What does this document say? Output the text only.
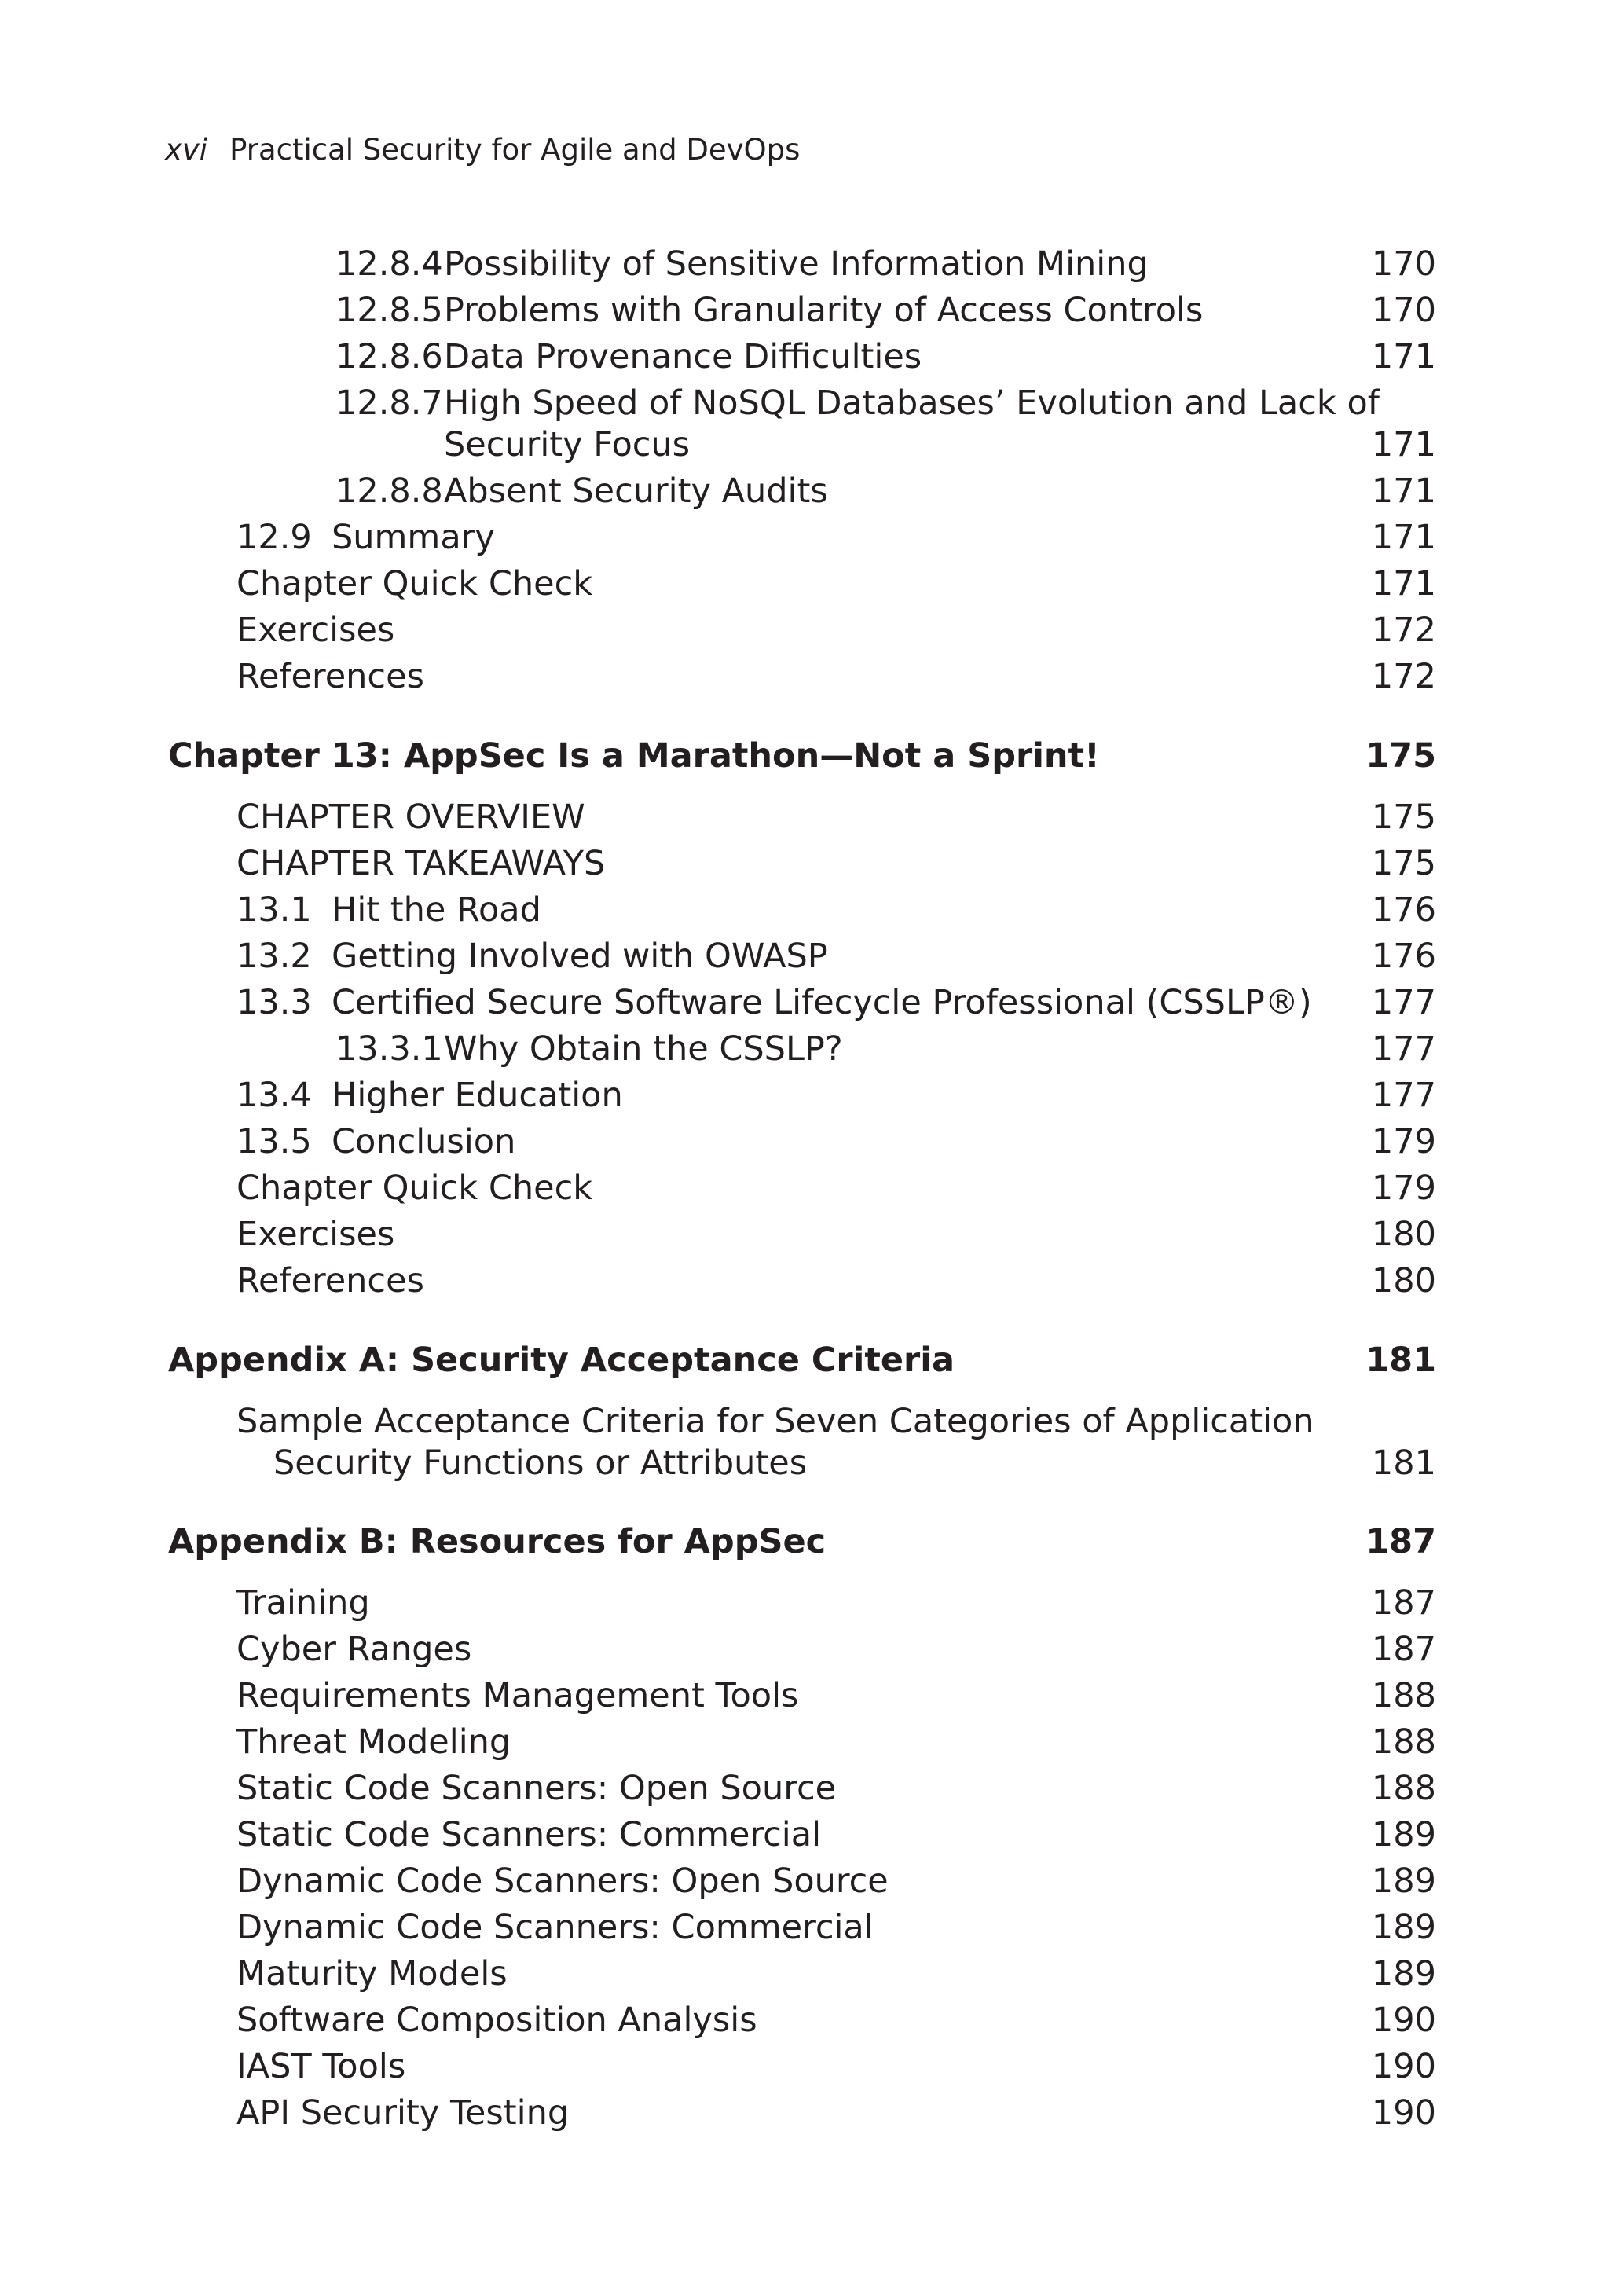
xvi Practical Security for Agile and DevOps
12.8.4Possibility of Sensitive Information Mining	170
12.8.5Problems with Granularity of Access Controls	170
12.8.6Data Provenance Difficulties	171
12.8.7High Speed of NoSQL Databases’ Evolution and Lack of
Security Focus	171
12.8.8Absent Security Audits	171
12.9 Summary	171
Chapter Quick Check	171
Exercises	172
References	172
Chapter 13: AppSec Is a Marathon—Not a Sprint!	175
CHAPTER OVERVIEW	175
CHAPTER TAKEAWAYS	175
13.1 Hit the Road	176
13.2 Getting Involved with OWASP	176
13.3 Certified Secure Software Lifecycle Professional (CSSLP®) 177
13.3.1Why Obtain the CSSLP?	177
13.4 Higher Education	177
13.5 Conclusion	179
Chapter Quick Check	179
Exercises	180
References	180
Appendix A: Security Acceptance Criteria	181
Sample Acceptance Criteria for Seven Categories of Application
Security Functions or Attributes	181
Appendix B: Resources for AppSec	187
Training	187
Cyber Ranges	187
Requirements Management Tools	188
Threat Modeling	188
Static Code Scanners: Open Source	188
Static Code Scanners: Commercial	189
Dynamic Code Scanners: Open Source	189
Dynamic Code Scanners: Commercial	189
Maturity Models	189
Software Composition Analysis	190
IAST Tools	190
API Security Testing	190
